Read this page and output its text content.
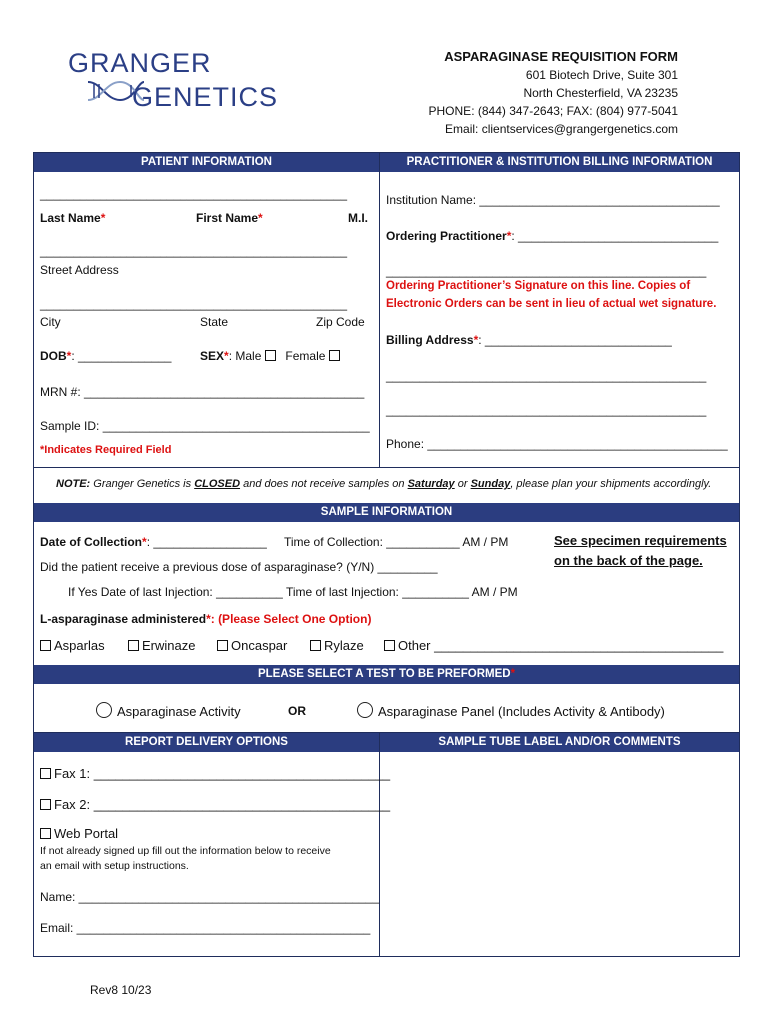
GRANGER
GENETICS
ASPARAGINASE REQUISITION FORM
601 Biotech Drive, Suite 301
North Chesterfield, VA 23235
PHONE: (844) 347-2643; FAX: (804) 977-5041
Email: clientservices@grangergenetics.com
PATIENT INFORMATION	PRACTITIONER & INSTITUTION BILLING INFORMATION
______________________________________________
Last Name*	First Name*	M.I.
______________________________________________
Street Address
______________________________________________
City	State	Zip Code
DOB*: ______________ SEX*: Male Female
MRN #: __________________________________________
Sample ID: ________________________________________
*Indicates Required Field
Institution Name: ____________________________________
Ordering Practitioner*: ______________________________
________________________________________________
Ordering Practitioner’s Signature on this line. Copies of
Electronic Orders can be sent in lieu of actual wet signature.
Billing Address*: ____________________________
________________________________________________
________________________________________________
Phone: _____________________________________________
NOTE: Granger Genetics is CLOSED and does not receive samples on Saturday or Sunday, please plan your shipments accordingly.
SAMPLE INFORMATION
Date of Collection*: _________________ Time of Collection: ___________ AM / PM	See specimen requirements
on the back of the page.
Did the patient receive a previous dose of asparaginase? (Y/N) _________
If Yes Date of last Injection: __________ Time of last Injection: __________ AM / PM
L-asparaginase administered*: (Please Select One Option)
Asparlas	Erwinaze	Oncaspar	Rylaze	Other ________________________________________
PLEASE SELECT A TEST TO BE PREFORMED*
Asparaginase Activity	OR	Asparaginase Panel (Includes Activity & Antibody)
REPORT DELIVERY OPTIONS	SAMPLE TUBE LABEL AND/OR COMMENTS
Fax 1: _________________________________________
Fax 2: _________________________________________
Web Portal
If not already signed up fill out the information below to receive
an email with setup instructions.
Name: _____________________________________________
Email: ____________________________________________
Rev8 10/23
